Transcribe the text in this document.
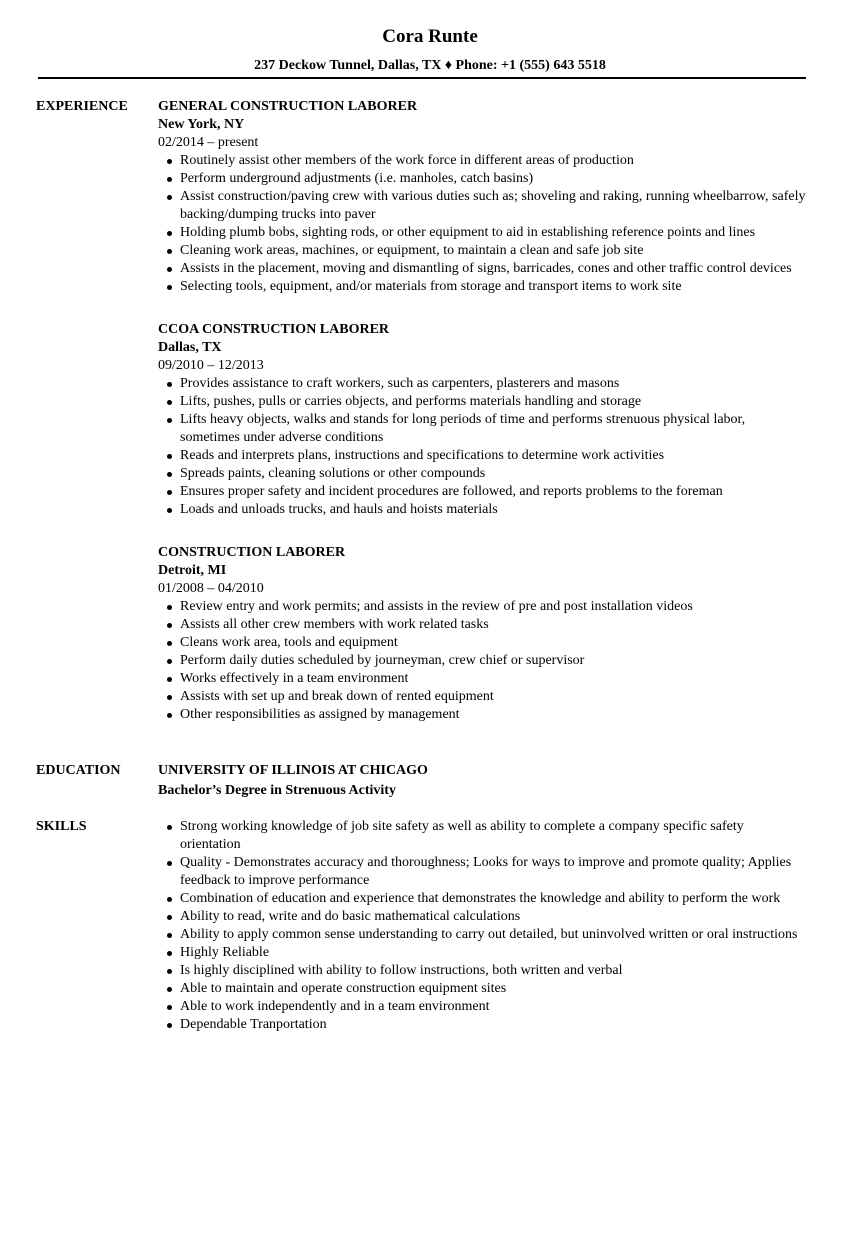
Cora Runte
237 Deckow Tunnel, Dallas, TX ♦ Phone: +1 (555) 643 5518
EXPERIENCE	GENERAL CONSTRUCTION LABORER
New York, NY
02/2014 – present
Routinely assist other members of the work force in different areas of production
Perform underground adjustments (i.e. manholes, catch basins)
Assist construction/paving crew with various duties such as; shoveling and raking, running wheelbarrow, safely backing/dumping trucks into paver
Holding plumb bobs, sighting rods, or other equipment to aid in establishing reference points and lines
Cleaning work areas, machines, or equipment, to maintain a clean and safe job site
Assists in the placement, moving and dismantling of signs, barricades, cones and other traffic control devices
Selecting tools, equipment, and/or materials from storage and transport items to work site
CCOA CONSTRUCTION LABORER
Dallas, TX
09/2010 – 12/2013
Provides assistance to craft workers, such as carpenters, plasterers and masons
Lifts, pushes, pulls or carries objects, and performs materials handling and storage
Lifts heavy objects, walks and stands for long periods of time and performs strenuous physical labor, sometimes under adverse conditions
Reads and interprets plans, instructions and specifications to determine work activities
Spreads paints, cleaning solutions or other compounds
Ensures proper safety and incident procedures are followed, and reports problems to the foreman
Loads and unloads trucks, and hauls and hoists materials
CONSTRUCTION LABORER
Detroit, MI
01/2008 – 04/2010
Review entry and work permits; and assists in the review of pre and post installation videos
Assists all other crew members with work related tasks
Cleans work area, tools and equipment
Perform daily duties scheduled by journeyman, crew chief or supervisor
Works effectively in a team environment
Assists with set up and break down of rented equipment
Other responsibilities as assigned by management
EDUCATION	UNIVERSITY OF ILLINOIS AT CHICAGO
Bachelor’s Degree in Strenuous Activity
SKILLS	Strong working knowledge of job site safety as well as ability to complete a company specific safety orientation
Quality - Demonstrates accuracy and thoroughness; Looks for ways to improve and promote quality; Applies feedback to improve performance
Combination of education and experience that demonstrates the knowledge and ability to perform the work
Ability to read, write and do basic mathematical calculations
Ability to apply common sense understanding to carry out detailed, but uninvolved written or oral instructions
Highly Reliable
Is highly disciplined with ability to follow instructions, both written and verbal
Able to maintain and operate construction equipment sites
Able to work independently and in a team environment
Dependable Tranportation
